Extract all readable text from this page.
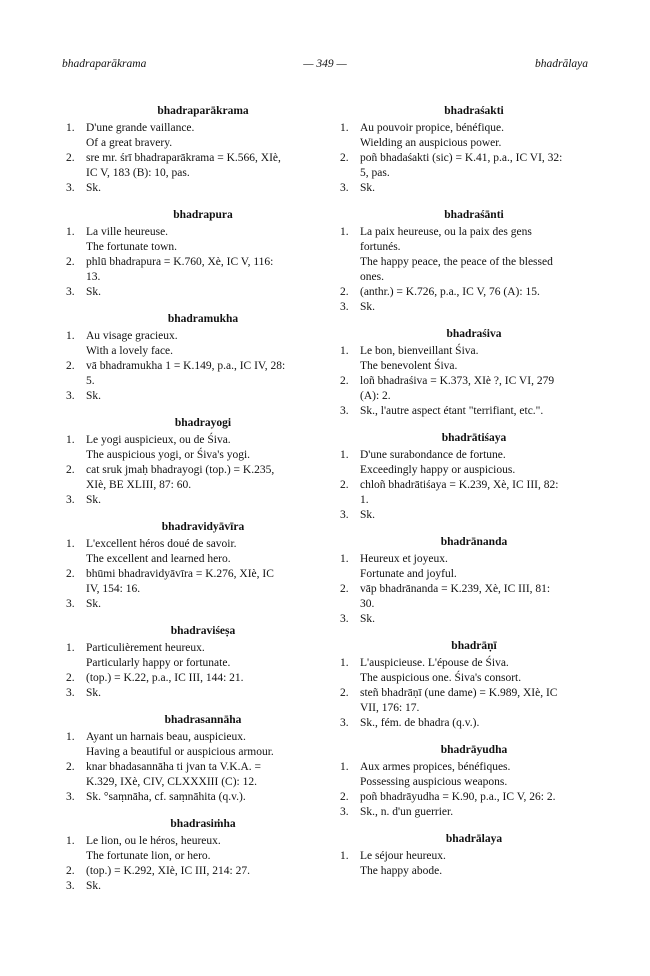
bhadraparākrama	— 349 —	bhadrālaya
bhadraparākrama
1. D'une grande vaillance.
Of a great bravery.
2. sre mr. śrī bhadraparākrama = K.566, XIè,
IC V, 183 (B): 10, pas.
3. Sk.
bhadrapura
1. La ville heureuse.
The fortunate town.
2. phlū bhadrapura = K.760, Xè, IC V, 116:
13.
3. Sk.
bhadramukha
1. Au visage gracieux.
With a lovely face.
2. vā bhadramukha 1 = K.149, p.a., IC IV, 28:
5.
3. Sk.
bhadrayogi
1. Le yogi auspicieux, ou de Śiva.
The auspicious yogi, or Śiva's yogi.
2. cat sruk jmaḥ bhadrayogi (top.) = K.235,
XIè, BE XLIII, 87: 60.
3. Sk.
bhadravidyāvīra
1. L'excellent héros doué de savoir.
The excellent and learned hero.
2. bhūmi bhadravidyāvīra = K.276, XIè, IC
IV, 154: 16.
3. Sk.
bhadraviśeṣa
1. Particulièrement heureux.
Particularly happy or fortunate.
2. (top.) = K.22, p.a., IC III, 144: 21.
3. Sk.
bhadrasannāha
1. Ayant un harnais beau, auspicieux.
Having a beautiful or auspicious armour.
2. knar bhadasannāha ti jvan ta V.K.A. =
K.329, IXè, CIV, CLXXXIII (C): 12.
3. Sk. °saṃnāha, cf. saṃnāhita (q.v.).
bhadrasiṁha
1. Le lion, ou le héros, heureux.
The fortunate lion, or hero.
2. (top.) = K.292, XIè, IC III, 214: 27.
3. Sk.
bhadraśakti
1. Au pouvoir propice, bénéfique.
Wielding an auspicious power.
2. poñ bhadaśakti (sic) = K.41, p.a., IC VI, 32:
5, pas.
3. Sk.
bhadraśānti
1. La paix heureuse, ou la paix des gens
fortunés.
The happy peace, the peace of the blessed
ones.
2. (anthr.) = K.726, p.a., IC V, 76 (A): 15.
3. Sk.
bhadraśiva
1. Le bon, bienveillant Śiva.
The benevolent Śiva.
2. loñ bhadraśiva = K.373, XIè ?, IC VI, 279
(A): 2.
3. Sk., l'autre aspect étant "terrifiant, etc.".
bhadrātiśaya
1. D'une surabondance de fortune.
Exceedingly happy or auspicious.
2. chloñ bhadrātiśaya = K.239, Xè, IC III, 82:
1.
3. Sk.
bhadrānanda
1. Heureux et joyeux.
Fortunate and joyful.
2. vāp bhadrānanda = K.239, Xè, IC III, 81:
30.
3. Sk.
bhadrāṇī
1. L'auspicieuse. L'épouse de Śiva.
The auspicious one. Śiva's consort.
2. steñ bhadrāṇī (une dame) = K.989, XIè, IC
VII, 176: 17.
3. Sk., fém. de bhadra (q.v.).
bhadrāyudha
1. Aux armes propices, bénéfiques.
Possessing auspicious weapons.
2. poñ bhadrāyudha = K.90, p.a., IC V, 26: 2.
3. Sk., n. d'un guerrier.
bhadrālaya
1. Le séjour heureux.
The happy abode.
